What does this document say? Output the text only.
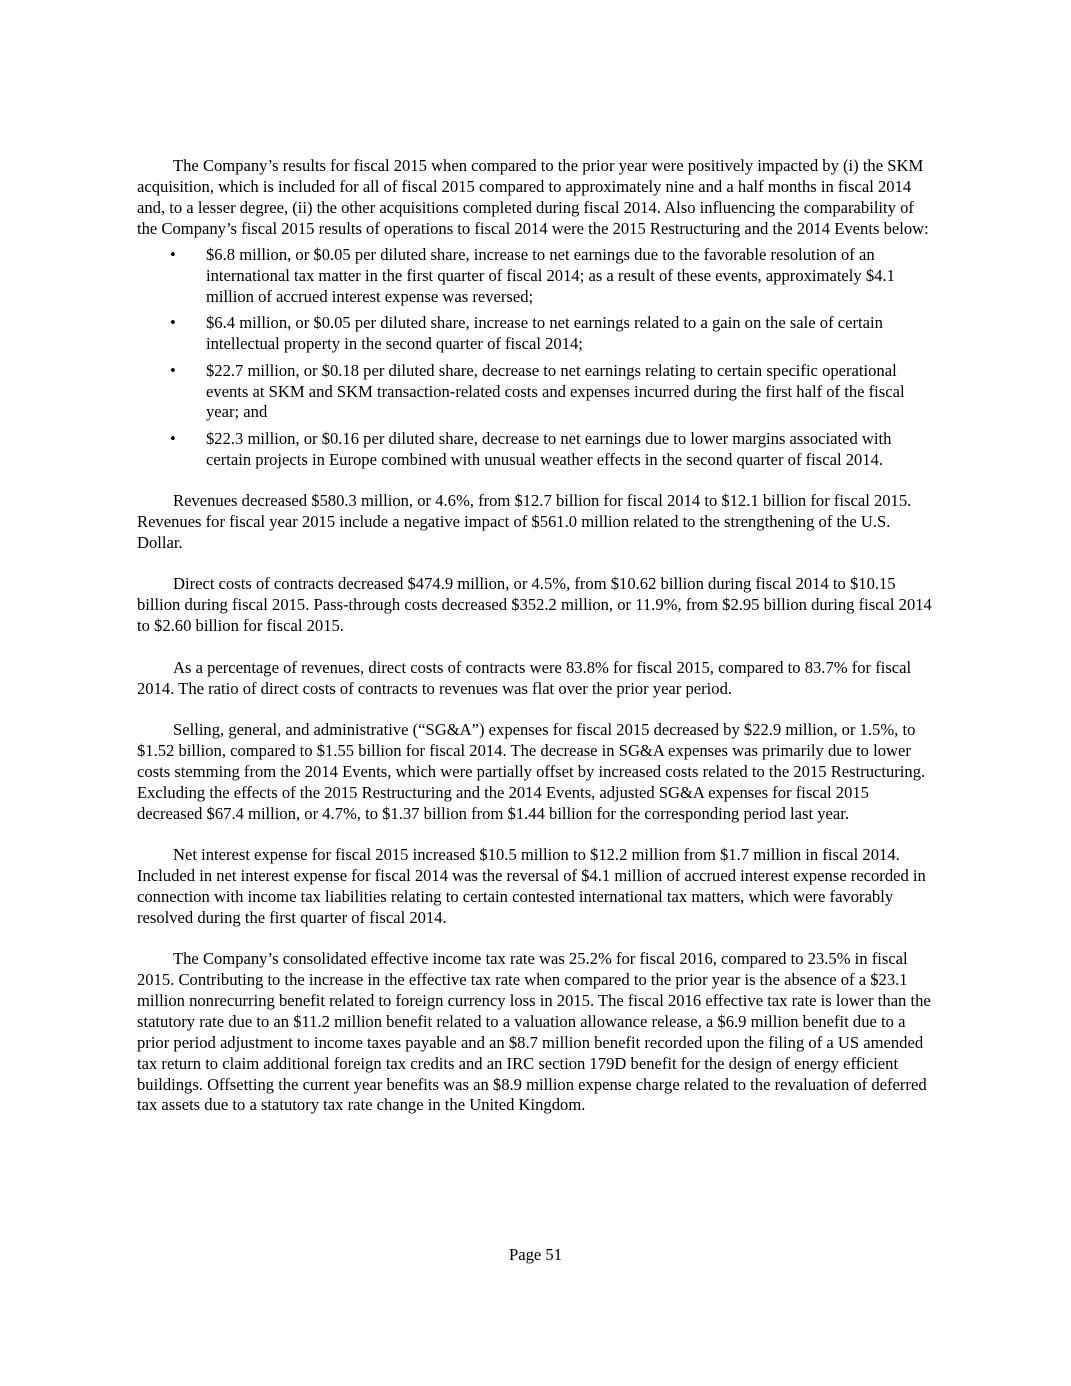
The Company’s results for fiscal 2015 when compared to the prior year were positively impacted by (i) the SKM acquisition, which is included for all of fiscal 2015 compared to approximately nine and a half months in fiscal 2014 and, to a lesser degree, (ii) the other acquisitions completed during fiscal 2014. Also influencing the comparability of the Company’s fiscal 2015 results of operations to fiscal 2014 were the 2015 Restructuring and the 2014 Events below:

• $6.8 million, or $0.05 per diluted share, increase to net earnings due to the favorable resolution of an international tax matter in the first quarter of fiscal 2014; as a result of these events, approximately $4.1 million of accrued interest expense was reversed;
• $6.4 million, or $0.05 per diluted share, increase to net earnings related to a gain on the sale of certain intellectual property in the second quarter of fiscal 2014;
• $22.7 million, or $0.18 per diluted share, decrease to net earnings relating to certain specific operational events at SKM and SKM transaction-related costs and expenses incurred during the first half of the fiscal year; and
• $22.3 million, or $0.16 per diluted share, decrease to net earnings due to lower margins associated with certain projects in Europe combined with unusual weather effects in the second quarter of fiscal 2014.

Revenues decreased $580.3 million, or 4.6%, from $12.7 billion for fiscal 2014 to $12.1 billion for fiscal 2015. Revenues for fiscal year 2015 include a negative impact of $561.0 million related to the strengthening of the U.S. Dollar.

Direct costs of contracts decreased $474.9 million, or 4.5%, from $10.62 billion during fiscal 2014 to $10.15 billion during fiscal 2015. Pass-through costs decreased $352.2 million, or 11.9%, from $2.95 billion during fiscal 2014 to $2.60 billion for fiscal 2015.

As a percentage of revenues, direct costs of contracts were 83.8% for fiscal 2015, compared to 83.7% for fiscal 2014. The ratio of direct costs of contracts to revenues was flat over the prior year period.

Selling, general, and administrative (“SG&A”) expenses for fiscal 2015 decreased by $22.9 million, or 1.5%, to $1.52 billion, compared to $1.55 billion for fiscal 2014. The decrease in SG&A expenses was primarily due to lower costs stemming from the 2014 Events, which were partially offset by increased costs related to the 2015 Restructuring. Excluding the effects of the 2015 Restructuring and the 2014 Events, adjusted SG&A expenses for fiscal 2015 decreased $67.4 million, or 4.7%, to $1.37 billion from $1.44 billion for the corresponding period last year.

Net interest expense for fiscal 2015 increased $10.5 million to $12.2 million from $1.7 million in fiscal 2014. Included in net interest expense for fiscal 2014 was the reversal of $4.1 million of accrued interest expense recorded in connection with income tax liabilities relating to certain contested international tax matters, which were favorably resolved during the first quarter of fiscal 2014.

The Company’s consolidated effective income tax rate was 25.2% for fiscal 2016, compared to 23.5% in fiscal 2015. Contributing to the increase in the effective tax rate when compared to the prior year is the absence of a $23.1 million nonrecurring benefit related to foreign currency loss in 2015. The fiscal 2016 effective tax rate is lower than the statutory rate due to an $11.2 million benefit related to a valuation allowance release, a $6.9 million benefit due to a prior period adjustment to income taxes payable and an $8.7 million benefit recorded upon the filing of a US amended tax return to claim additional foreign tax credits and an IRC section 179D benefit for the design of energy efficient buildings. Offsetting the current year benefits was an $8.9 million expense charge related to the revaluation of deferred tax assets due to a statutory tax rate change in the United Kingdom.

Page 51
